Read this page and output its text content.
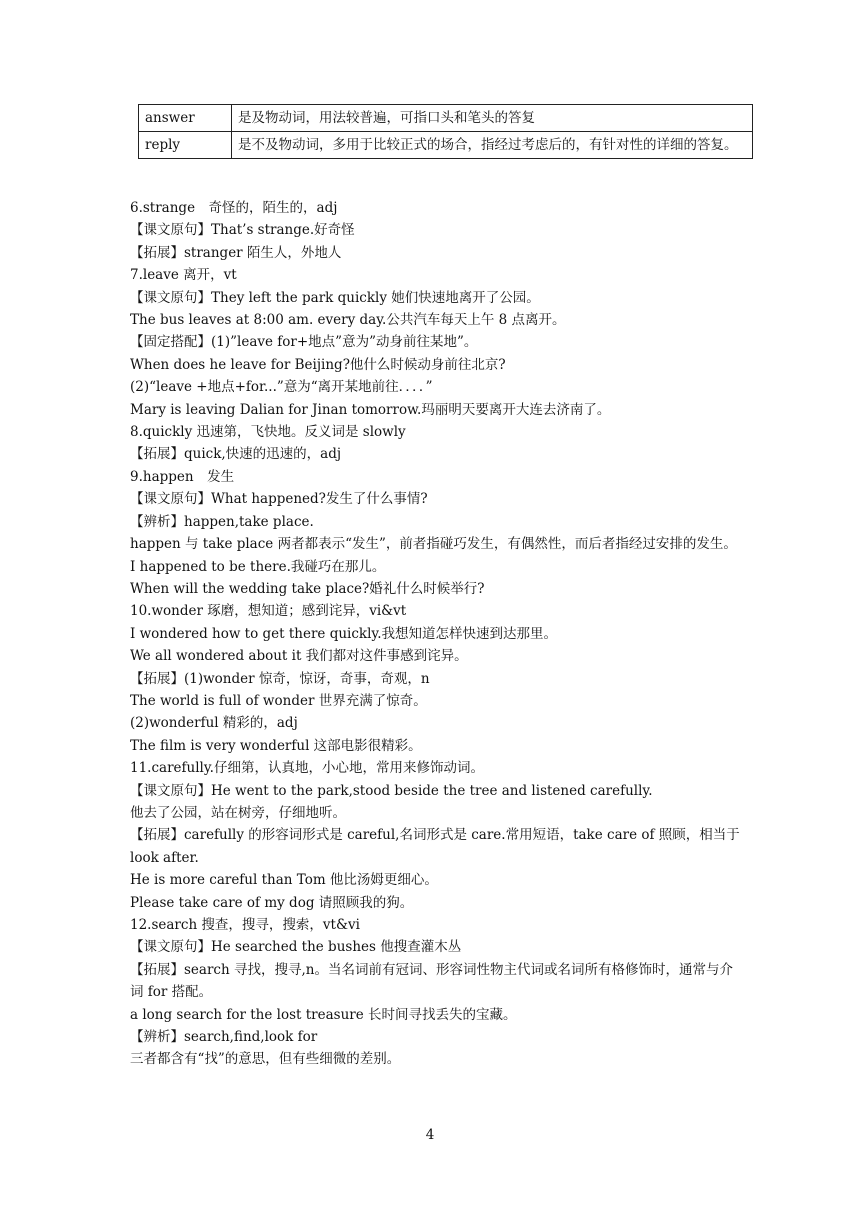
answer	是及物动词，用法较普遍，可指口头和笔头的答复
reply	是不及物动词，多用于比较正式的场合，指经过考虑后的，有针对性的详细的答复。

6.strange　奇怪的，陌生的，adj

【课文原句】That’s strange.好奇怪

【拓展】stranger 陌生人，外地人

7.leave 离开，vt

【课文原句】They left the park quickly 她们快速地离开了公园。

The bus leaves at 8:00 am. every day.公共汽车每天上午 8 点离开。

【固定搭配】(1)”leave for+地点”意为”动身前往某地”。

When does he leave for Beijing?他什么时候动身前往北京?

(2)“leave +地点+for...”意为“离开某地前往．．．．”

Mary is leaving Dalian for Jinan tomorrow.玛丽明天要离开大连去济南了。

8.quickly 迅速第，飞快地。反义词是 slowly

【拓展】quick,快速的迅速的，adj

9.happen　发生

【课文原句】What happened?发生了什么事情?

【辨析】happen,take place.

happen 与 take place 两者都表示“发生”，前者指碰巧发生，有偶然性，而后者指经过安排的发生。

I happened to be there.我碰巧在那儿。

When will the wedding take place?婚礼什么时候举行?

10.wonder 琢磨，想知道；感到诧异，vi&vt

I wondered how to get there quickly.我想知道怎样快速到达那里。

We all wondered about it 我们都对这件事感到诧异。

【拓展】(1)wonder 惊奇，惊讶，奇事，奇观，n

The world is full of wonder 世界充满了惊奇。

(2)wonderful 精彩的，adj

The film is very wonderful 这部电影很精彩。

11.carefully.仔细第，认真地，小心地，常用来修饰动词。

【课文原句】He went to the park,stood beside the tree and listened carefully.

他去了公园，站在树旁，仔细地听。

【拓展】carefully 的形容词形式是 careful,名词形式是 care.常用短语，take care of 照顾，相当于 look after.

He is more careful than Tom 他比汤姆更细心。

Please take care of my dog 请照顾我的狗。

12.search 搜查，搜寻，搜索，vt&vi

【课文原句】He searched the bushes 他搜查灌木丛

【拓展】search 寻找，搜寻,n。当名词前有冠词、形容词性物主代词或名词所有格修饰时，通常与介词 for 搭配。

a long search for the lost treasure 长时间寻找丢失的宝藏。

【辨析】search,find,look for

三者都含有“找”的意思，但有些细微的差别。

4
